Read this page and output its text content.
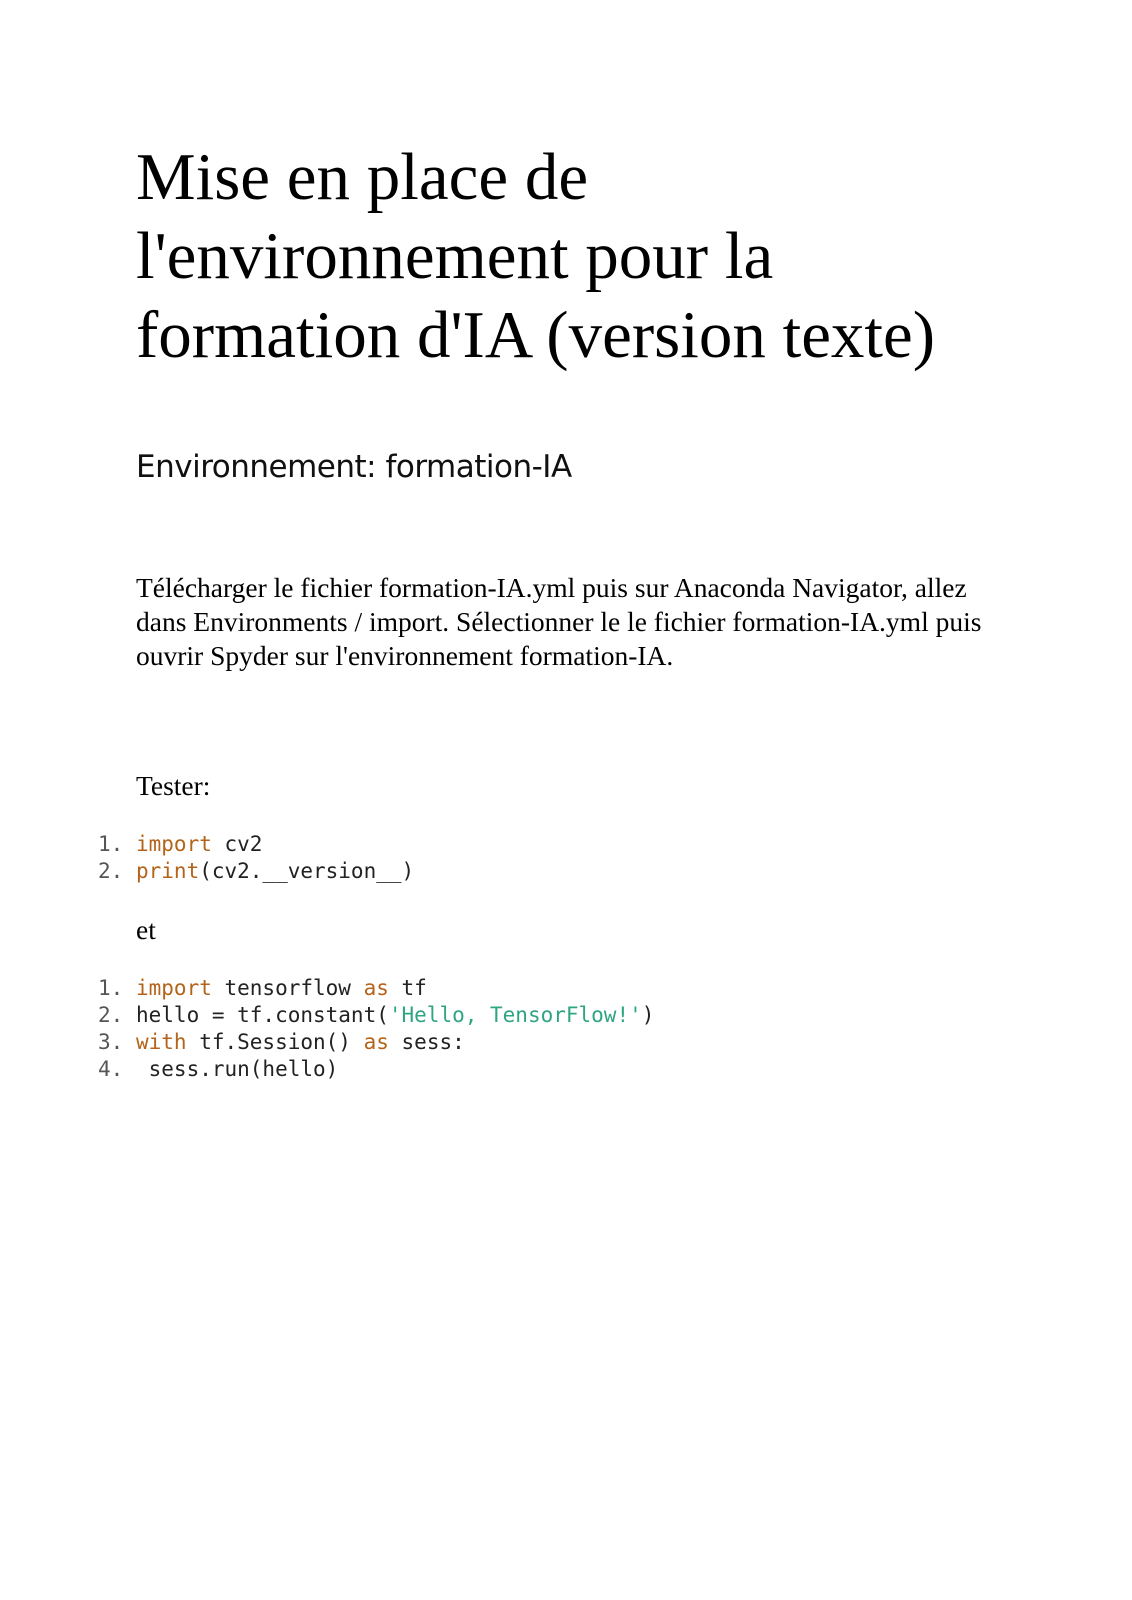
Mise en place de l'environnement pour la formation d'IA (version texte)
Environnement: formation-IA

Télécharger le fichier formation-IA.yml puis sur Anaconda Navigator, allez dans Environments / import. Sélectionner le le fichier formation-IA.yml puis ouvrir Spyder sur l'environnement formation-IA.

Tester:

1. import cv2
2. print(cv2.__version__)

et

1. import tensorflow as tf
2. hello = tf.constant('Hello, TensorFlow!')
3. with tf.Session() as sess:
4. sess.run(hello)
